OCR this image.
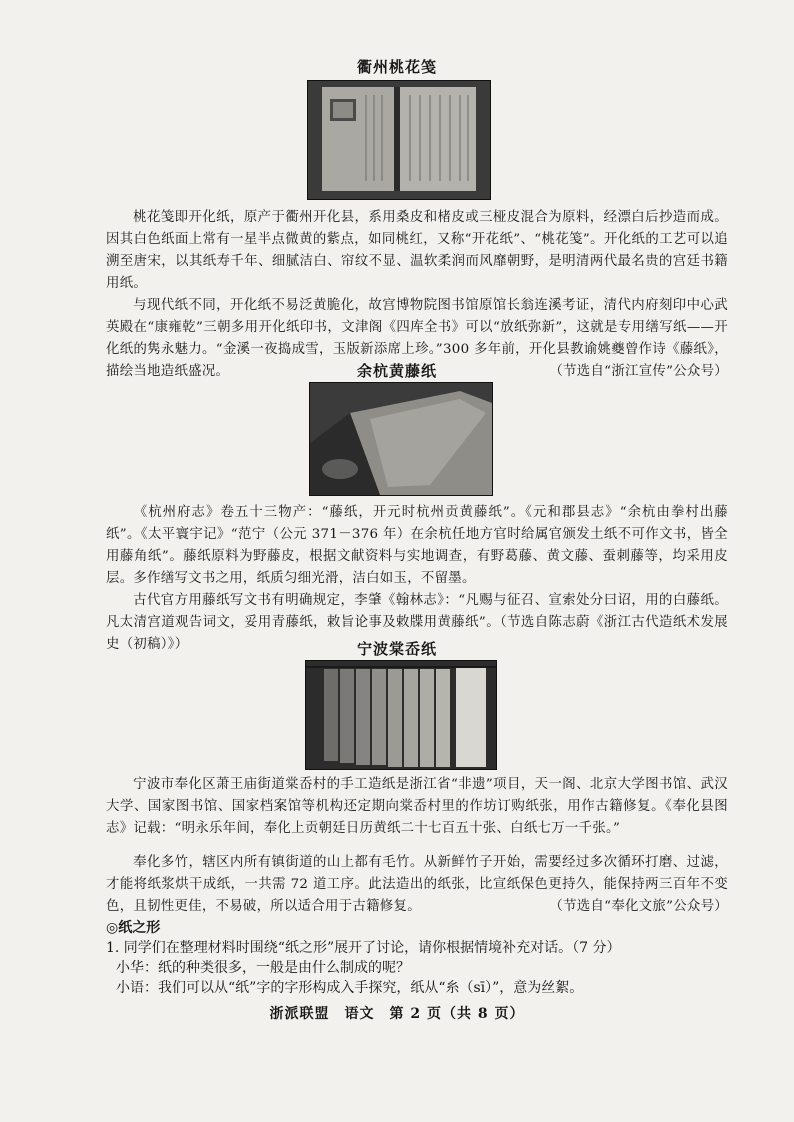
衢州桃花笺

桃花笺即开化纸，原产于衢州开化县，系用桑皮和楮皮或三桠皮混合为原料，经漂白后抄造而成。因其白色纸面上常有一星半点微黄的紫点，如同桃红，又称“开花纸”、“桃花笺”。开化纸的工艺可以追溯至唐宋，以其纸寿千年、细腻洁白、帘纹不显、温软柔润而风靡朝野，是明清两代最名贵的宫廷书籍用纸。

与现代纸不同，开化纸不易泛黄脆化，故宫博物院图书馆原馆长翁连溪考证，清代内府刻印中心武英殿在“康雍乾”三朝多用开化纸印书，文津阁《四库全书》可以“放纸弥新”，这就是专用缮写纸——开化纸的隽永魅力。“金溪一夜捣成雪，玉版新添席上珍。”300 多年前，开化县教谕姚夔曾作诗《藤纸》，描绘当地造纸盛况。	（节选自“浙江宣传”公众号）

余杭黄藤纸

《杭州府志》卷五十三物产：“藤纸，开元时杭州贡黄藤纸”。《元和郡县志》“余杭由拳村出藤纸”。《太平寰宇记》“范宁（公元 371－376 年）在余杭任地方官时给属官颁发土纸不可作文书，皆全用藤角纸”。藤纸原料为野藤皮，根据文献资料与实地调查，有野葛藤、黄文藤、蚕刺藤等，均采用皮层。多作缮写文书之用，纸质匀细光滑，洁白如玉，不留墨。

古代官方用藤纸写文书有明确规定，李肇《翰林志》：“凡赐与征召、宣索处分曰诏，用的白藤纸。凡太清宫道观告词文，妥用青藤纸，敕旨论事及敕牒用黄藤纸”。（节选自陈志蔚《浙江古代造纸术发展史（初稿）》）	宁波棠岙纸

宁波市奉化区萧王庙街道棠岙村的手工造纸是浙江省“非遗”项目，天一阁、北京大学图书馆、武汉大学、国家图书馆、国家档案馆等机构还定期向棠岙村里的作坊订购纸张，用作古籍修复。《奉化县图志》记载：“明永乐年间，奉化上贡朝廷日历黄纸二十七百五十张、白纸七万一千张。”

奉化多竹，辖区内所有镇街道的山上都有毛竹。从新鲜竹子开始，需要经过多次循环打磨、过滤，才能将纸浆烘干成纸，一共需 72 道工序。此法造出的纸张，比宣纸保色更持久，能保持两三百年不变色，且韧性更佳，不易破，所以适合用于古籍修复。	（节选自“奉化文旅”公众号）

◎纸之形

1. 同学们在整理材料时围绕“纸之形”展开了讨论，请你根据情境补充对话。（7 分）

小华：纸的种类很多，一般是由什么制成的呢？

小语：我们可以从“纸”字的字形构成入手探究，纸从“糸（sī）”，意为丝絮。

浙派联盟　语文　第 2 页（共 8 页）
